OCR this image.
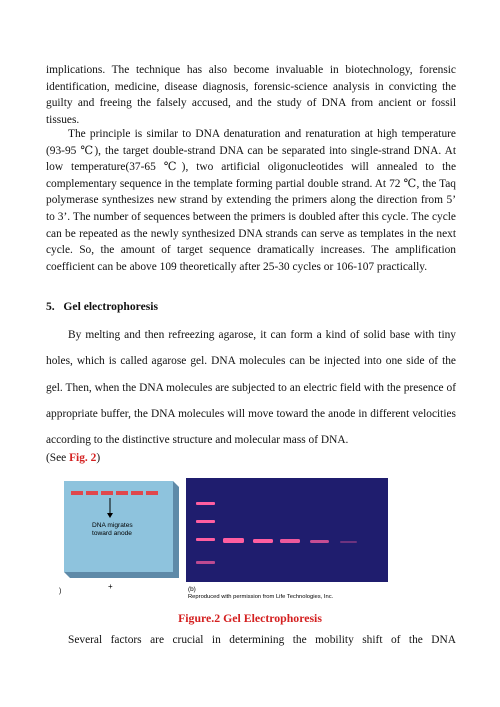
implications. The technique has also become invaluable in biotechnology, forensic identification, medicine, disease diagnosis, forensic-science analysis in convicting the guilty and freeing the falsely accused, and the study of DNA from ancient or fossil tissues.
The principle is similar to DNA denaturation and renaturation at high temperature (93-95 ℃), the target double-strand DNA can be separated into single-strand DNA. At low temperature(37-65 ℃), two artificial oligonucleotides will annealed to the complementary sequence in the template forming partial double strand. At 72 ℃, the Taq polymerase synthesizes new strand by extending the primers along the direction from 5’ to 3’. The number of sequences between the primers is doubled after this cycle. The cycle can be repeated as the newly synthesized DNA strands can serve as templates in the next cycle. So, the amount of target sequence dramatically increases. The amplification coefficient can be above 109 theoretically after 25-30 cycles or 106-107 practically.
5. Gel electrophoresis
By melting and then refreezing agarose, it can form a kind of solid base with tiny holes, which is called agarose gel. DNA molecules can be injected into one side of the gel. Then, when the DNA molecules are subjected to an electric field with the presence of appropriate buffer, the DNA molecules will move toward the anode in different velocities according to the distinctive structure and molecular mass of DNA.
(See Fig. 2)
DNA migrates
toward anode
)
+	(b)
Reproduced with permission from Life Technologies, Inc.
Figure.2 Gel Electrophoresis
Several factors are crucial in determining the mobility shift of the DNA
